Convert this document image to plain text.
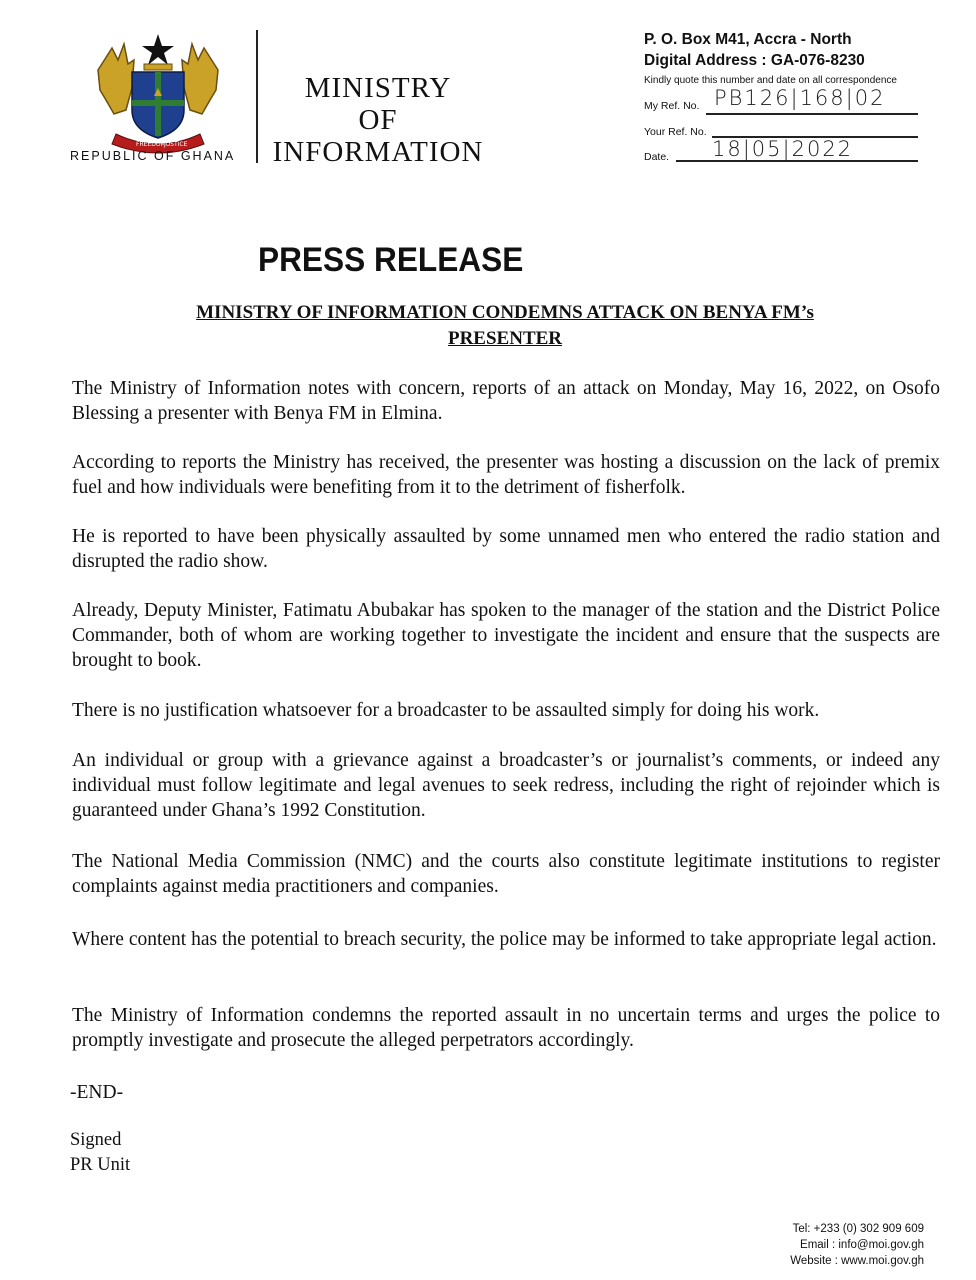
FREEDOM
JUSTICE
REPUBLIC OF GHANA
MINISTRY
OF
INFORMATION
P. O. Box M41, Accra - North
Digital Address : GA-076-8230
Kindly quote this number and date on all correspondence
My Ref. No. PB126|168|02
Your Ref. No.
Date. 18|05|2022
PRESS RELEASE
MINISTRY OF INFORMATION CONDEMNS ATTACK ON BENYA FM’s
PRESENTER

The Ministry of Information notes with concern, reports of an attack on Monday, May 16, 2022, on Osofo Blessing a presenter with Benya FM in Elmina.

According to reports the Ministry has received, the presenter was hosting a discussion on the lack of premix fuel and how individuals were benefiting from it to the detriment of fisherfolk.

He is reported to have been physically assaulted by some unnamed men who entered the radio station and disrupted the radio show.

Already, Deputy Minister, Fatimatu Abubakar has spoken to the manager of the station and the District Police Commander, both of whom are working together to investigate the incident and ensure that the suspects are brought to book.

There is no justification whatsoever for a broadcaster to be assaulted simply for doing his work.

An individual or group with a grievance against a broadcaster’s or journalist’s comments, or indeed any individual must follow legitimate and legal avenues to seek redress, including the right of rejoinder which is guaranteed under Ghana’s 1992 Constitution.

The National Media Commission (NMC) and the courts also constitute legitimate institutions to register complaints against media practitioners and companies.

Where content has the potential to breach security, the police may be informed to take appropriate legal action.

The Ministry of Information condemns the reported assault in no uncertain terms and urges the police to promptly investigate and prosecute the alleged perpetrators accordingly.

-END-
Signed
PR Unit
Tel: +233 (0) 302 909 609
Email : info@moi.gov.gh
Website : www.moi.gov.gh
